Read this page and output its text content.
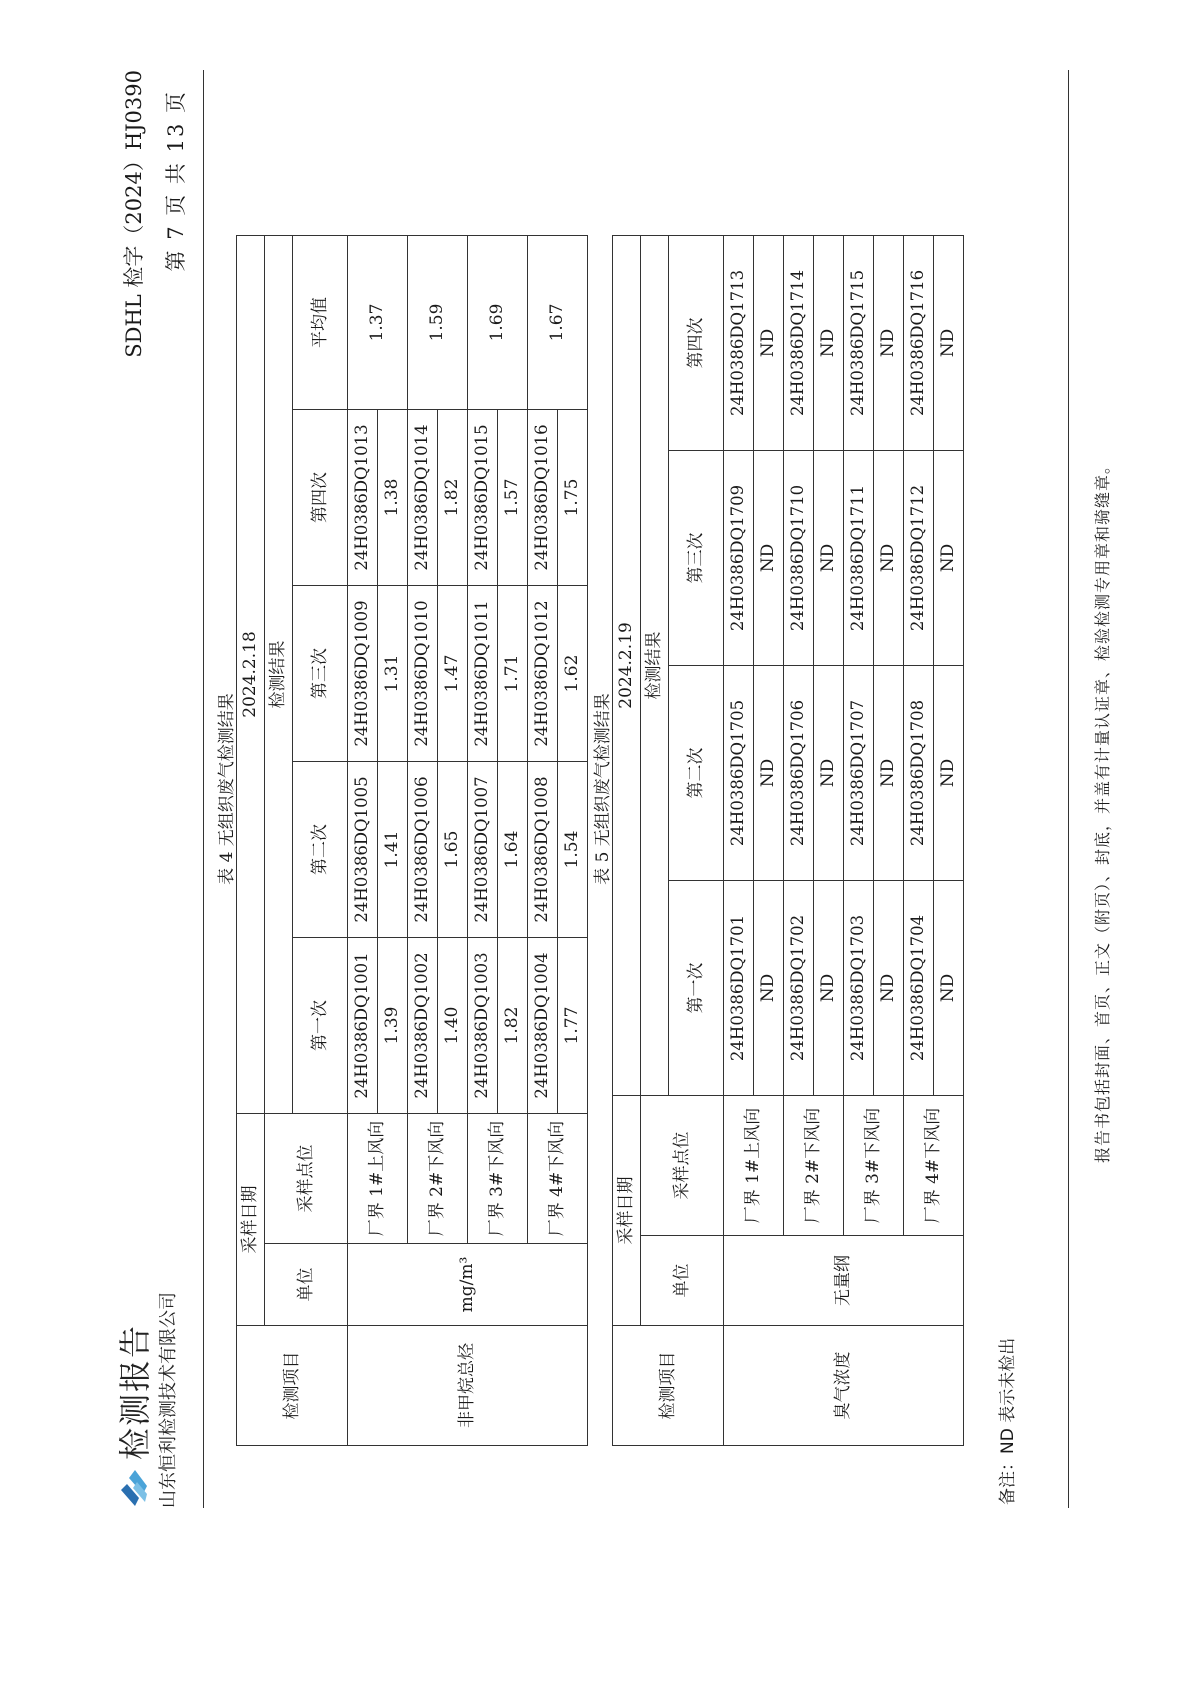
检测报告 山东恒利检测技术有限公司
SDHL 检字（2024）HJ0390 第 7 页 共 13 页
表 4 无组织废气检测结果
检测项目	采样日期		2024.2.18				
	单位	采样点位	检测结果				
			第一次	第二次	第三次	第四次	平均值
非甲烷总烃	mg/m³	厂界 1#上风向	24H0386DQ1001	24H0386DQ1005	24H0386DQ1009	24H0386DQ1013	1.37
			1.39	1.41	1.31	1.38	
		厂界 2#下风向	24H0386DQ1002	24H0386DQ1006	24H0386DQ1010	24H0386DQ1014	1.59
			1.40	1.65	1.47	1.82	
		厂界 3#下风向	24H0386DQ1003	24H0386DQ1007	24H0386DQ1011	24H0386DQ1015	1.69
			1.82	1.64	1.71	1.57	
		厂界 4#下风向	24H0386DQ1004	24H0386DQ1008	24H0386DQ1012	24H0386DQ1016	1.67
			1.77	1.54	1.62	1.75	
表 5 无组织废气检测结果
检测项目	采样日期		2024.2.19			
	单位	采样点位	检测结果			
			第一次	第二次	第三次	第四次
臭气浓度	无量纲	厂界 1#上风向	24H0386DQ1701	24H0386DQ1705	24H0386DQ1709	24H0386DQ1713
			ND	ND	ND	ND
		厂界 2#下风向	24H0386DQ1702	24H0386DQ1706	24H0386DQ1710	24H0386DQ1714
			ND	ND	ND	ND
		厂界 3#下风向	24H0386DQ1703	24H0386DQ1707	24H0386DQ1711	24H0386DQ1715
			ND	ND	ND	ND
		厂界 4#下风向	24H0386DQ1704	24H0386DQ1708	24H0386DQ1712	24H0386DQ1716
			ND	ND	ND	ND
备注：ND 表示未检出
报告书包括封面、首页、正文（附页）、封底，并盖有计量认证章、检验检测专用章和骑缝章。
